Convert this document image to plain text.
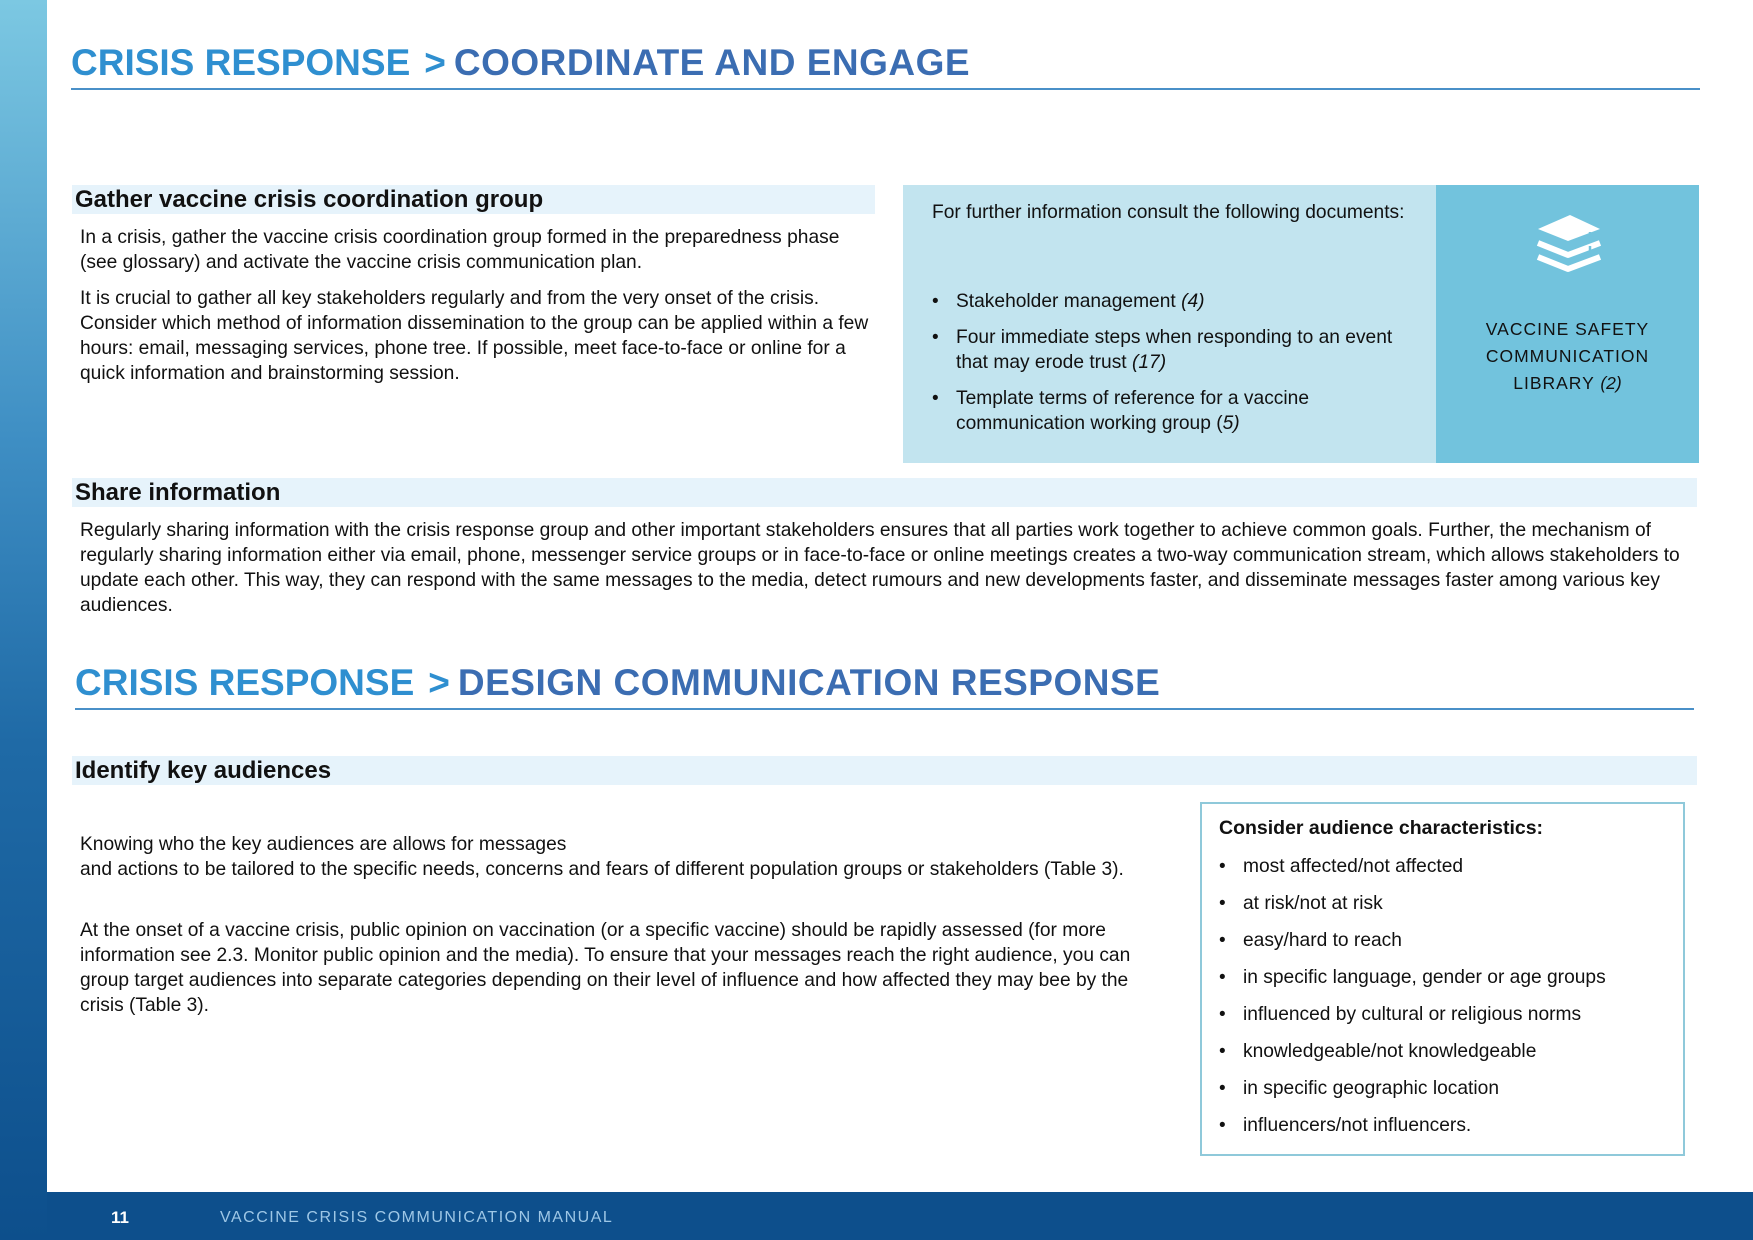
CRISIS RESPONSE > COORDINATE AND ENGAGE
Gather vaccine crisis coordination group

In a crisis, gather the vaccine crisis coordination group formed in the preparedness phase (see glossary) and activate the vaccine crisis communication plan.

It is crucial to gather all key stakeholders regularly and from the very onset of the crisis. Consider which method of information dissemination to the group can be applied within a few hours: email, messaging services, phone tree. If possible, meet face-to-face or online for a quick information and brainstorming session.

For further information consult the following documents:
• Stakeholder management (4)
• Four immediate steps when responding to an event that may erode trust (17)
• Template terms of reference for a vaccine communication working group (5)
VACCINE SAFETY
COMMUNICATION
LIBRARY (2)
Share information

Regularly sharing information with the crisis response group and other important stakeholders ensures that all parties work together to achieve common goals. Further, the mechanism of regularly sharing information either via email, phone, messenger service groups or in face-to-face or online meetings creates a two-way communication stream, which allows stakeholders to update each other. This way, they can respond with the same messages to the media, detect rumours and new developments faster, and disseminate messages faster among various key audiences.

CRISIS RESPONSE > DESIGN COMMUNICATION RESPONSE
Identify key audiences

Knowing who the key audiences are allows for messages
and actions to be tailored to the specific needs, concerns and fears of different population groups or stakeholders (Table 3).

At the onset of a vaccine crisis, public opinion on vaccination (or a specific vaccine) should be rapidly assessed (for more information see 2.3. Monitor public opinion and the media). To ensure that your messages reach the right audience, you can group target audiences into separate categories depending on their level of influence and how affected they may bee by the crisis (Table 3).

Consider audience characteristics:
• most affected/not affected
• at risk/not at risk
• easy/hard to reach
• in specific language, gender or age groups
• influenced by cultural or religious norms
• knowledgeable/not knowledgeable
• in specific geographic location
• influencers/not influencers.
11	VACCINE CRISIS COMMUNICATION MANUAL
